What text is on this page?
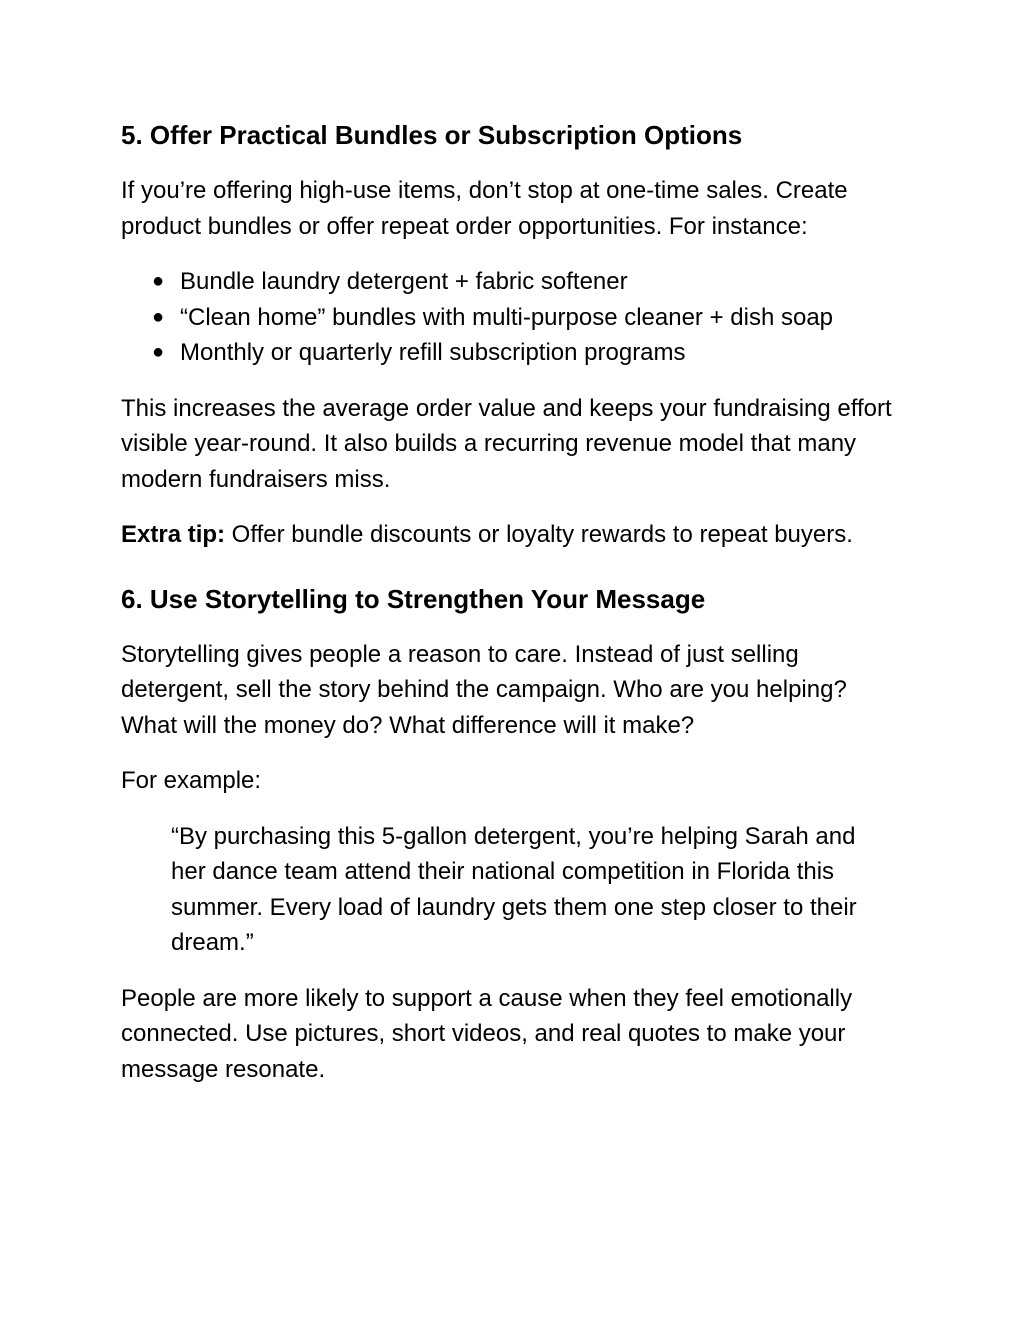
5. Offer Practical Bundles or Subscription Options

If you’re offering high-use items, don’t stop at one-time sales. Create product bundles or offer repeat order opportunities. For instance:

● Bundle laundry detergent + fabric softener
● “Clean home” bundles with multi-purpose cleaner + dish soap
● Monthly or quarterly refill subscription programs

This increases the average order value and keeps your fundraising effort visible year-round. It also builds a recurring revenue model that many modern fundraisers miss.

Extra tip: Offer bundle discounts or loyalty rewards to repeat buyers.

6. Use Storytelling to Strengthen Your Message

Storytelling gives people a reason to care. Instead of just selling detergent, sell the story behind the campaign. Who are you helping? What will the money do? What difference will it make?

For example:

“By purchasing this 5-gallon detergent, you’re helping Sarah and her dance team attend their national competition in Florida this summer. Every load of laundry gets them one step closer to their dream.”

People are more likely to support a cause when they feel emotionally connected. Use pictures, short videos, and real quotes to make your message resonate.
